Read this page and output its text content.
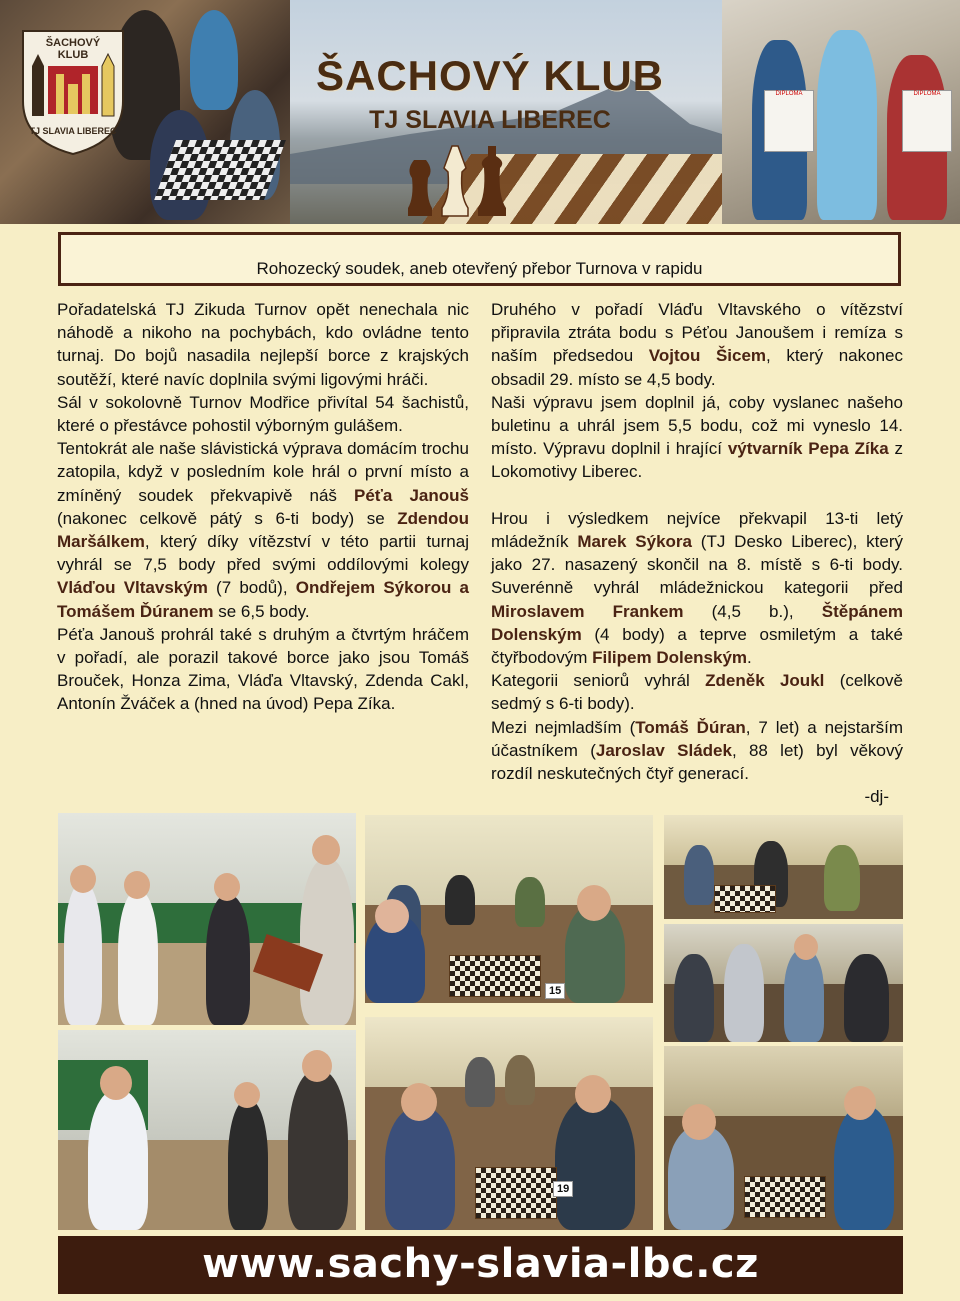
DIPLOMA	DIPLOMA
ŠACHOVÝ
KLUB
TJ SLAVIA LIBEREC
ŠACHOVÝ KLUB
TJ SLAVIA LIBEREC
Rohozecký soudek, aneb otevřený přebor Turnova v rapidu

Pořadatelská TJ Zikuda Turnov opět nenechala nic náhodě a nikoho na pochybách, kdo ovládne tento turnaj. Do bojů nasadila nejlepší borce z krajských soutěží, které navíc doplnila svými ligovými hráči.

Sál v sokolovně Turnov Modřice přivítal 54 šachistů, které o přestávce pohostil výborným gulášem.

Tentokrát ale naše slávistická výprava domácím trochu zatopila, když v posledním kole hrál o první místo a zmíněný soudek překvapivě náš Péťa Janouš (nakonec celkově pátý s 6-ti body) se Zdendou Maršálkem, který díky vítězství v této partii turnaj vyhrál se 7,5 body před svými oddílovými kolegy Vláďou Vltavským (7 bodů), Ondřejem Sýkorou a Tomášem Ďúranem se 6,5 body.

Péťa Janouš prohrál také s druhým a čtvrtým hráčem v pořadí, ale porazil takové borce jako jsou Tomáš Brouček, Honza Zima, Vláďa Vltavský, Zdenda Cakl, Antonín Žváček a (hned na úvod) Pepa Zíka.

Druhého v pořadí Vláďu Vltavského o vítězství připravila ztráta bodu s Péťou Janoušem i remíza s naším předsedou Vojtou Šicem, který nakonec obsadil 29. místo se 4,5 body.

Naši výpravu jsem doplnil já, coby vyslanec našeho buletinu a uhrál jsem 5,5 bodu, což mi vyneslo 14. místo. Výpravu doplnil i hrající výtvarník Pepa Zíka z Lokomotivy Liberec.

Hrou i výsledkem nejvíce překvapil 13-ti letý mládežník Marek Sýkora (TJ Desko Liberec), který jako 27. nasazený skončil na 8. místě s 6-ti body. Suverénně vyhrál mládežnickou kategorii před Miroslavem Frankem (4,5 b.), Štěpánem Dolenským (4 body) a teprve osmiletým a také čtyřbodovým Filipem Dolenským.

Kategorii seniorů vyhrál Zdeněk Joukl (celkově sedmý s 6-ti body).

Mezi nejmladším (Tomáš Ďúran, 7 let) a nejstarším účastníkem (Jaroslav Sládek, 88 let) byl věkový rozdíl neskutečných čtyř generací.

-dj-

15
19
www.sachy-slavia-lbc.cz
